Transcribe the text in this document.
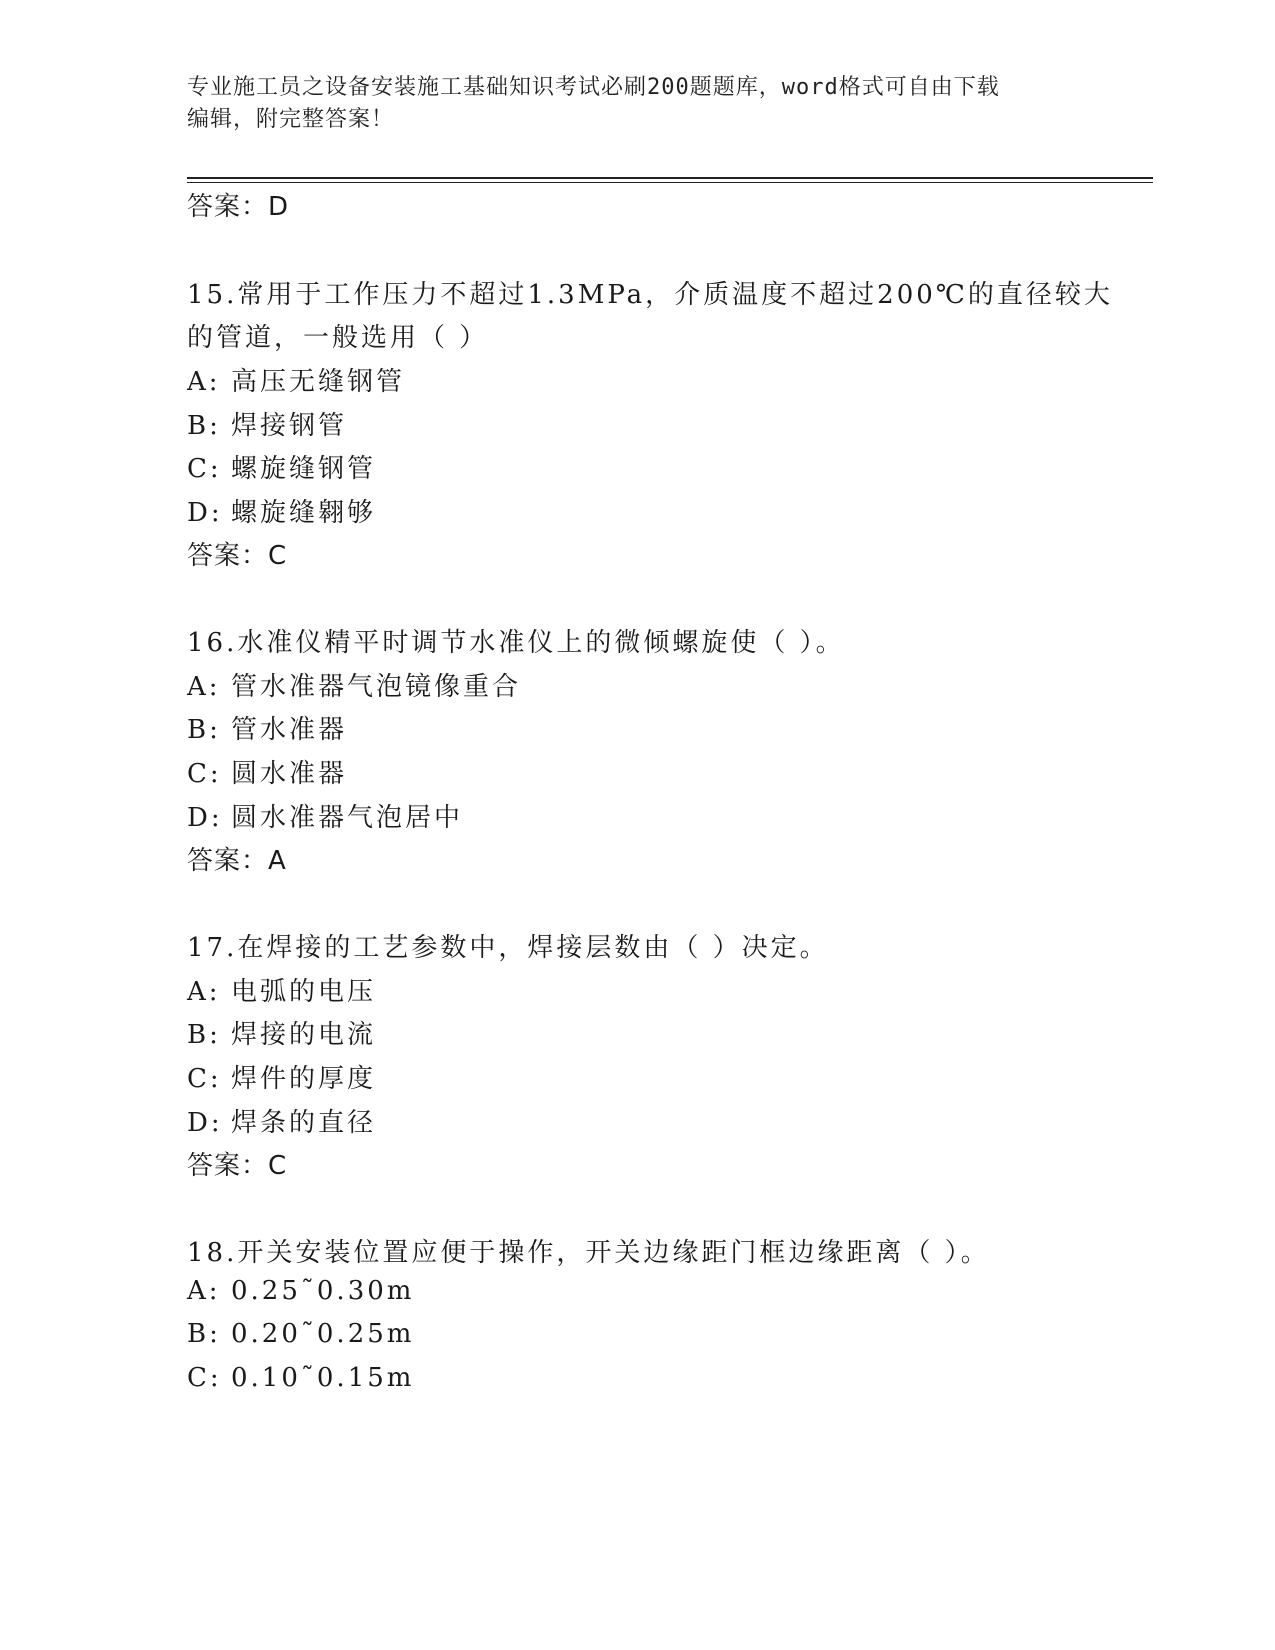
专业施工员之设备安装施工基础知识考试必刷200题题库，word格式可自由下载
编辑，附完整答案！
答案：D
15.常用于工作压力不超过1.3MPa，介质温度不超过200℃的直径较大
的管道，一般选用（ ）
A: 高压无缝钢管
B: 焊接钢管
C: 螺旋缝钢管
D: 螺旋缝翱够
答案：C
16.水准仪精平时调节水准仪上的微倾螺旋使（ ）。
A: 管水准器气泡镜像重合
B: 管水准器
C: 圆水准器
D: 圆水准器气泡居中
答案：A
17.在焊接的工艺参数中，焊接层数由（ ）决定。
A: 电弧的电压
B: 焊接的电流
C: 焊件的厚度
D: 焊条的直径
答案：C
18.开关安装位置应便于操作，开关边缘距门框边缘距离（ ）。
A: 0.25˜0.30m
B: 0.20˜0.25m
C: 0.10˜0.15m
